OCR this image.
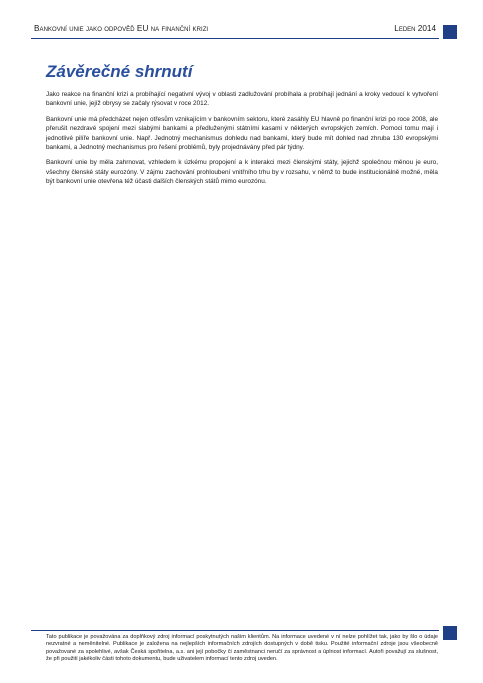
Bankovní unie jako odpověď EU na finanční krizi	Leden 2014
Závěrečné shrnutí

Jako reakce na finanční krizi a probíhající negativní vývoj v oblasti zadlužování probíhala a probíhají jednání a kroky vedoucí k vytvoření bankovní unie, jejíž obrysy se začaly rýsovat v roce 2012.

Bankovní unie má předcházet nejen otřesům vznikajícím v bankovním sektoru, které zasáhly EU hlavně po finanční krizi po roce 2008, ale přerušit nezdravé spojení mezi slabými bankami a předluženými státními kasami v některých evropských zemích. Pomoci tomu mají i jednotlivé pilíře bankovní unie. Např. Jednotný mechanismus dohledu nad bankami, který bude mít dohled nad zhruba 130 evropskými bankami, a Jednotný mechanismus pro řešení problémů, byly projednávány před pár týdny.

Bankovní unie by měla zahrnovat, vzhledem k úzkému propojení a k interakci mezi členskými státy, jejichž společnou měnou je euro, všechny členské státy eurozóny. V zájmu zachování prohloubení vnitřního trhu by v rozsahu, v němž to bude institucionálně možné, měla být bankovní unie otevřena též účasti dalších členských států mimo eurozónu.

Tato publikace je považována za doplňkový zdroj informací poskytnutých našim klientům. Na informace uvedené v ní nelze pohlížet tak, jako by šlo o údaje nezvratné a neměnitelné. Publikace je založena na nejlepších informačních zdrojích dostupných v době tisku. Použité informační zdroje jsou všeobecně považované za spolehlivé, avšak Česká spořitelna, a.s. ani její pobočky či zaměstnanci neručí za správnost a úplnost informací. Autoři považují za slušnost, že při použití jakékoliv části tohoto dokumentu, bude uživatelem informací tento zdroj uveden.
